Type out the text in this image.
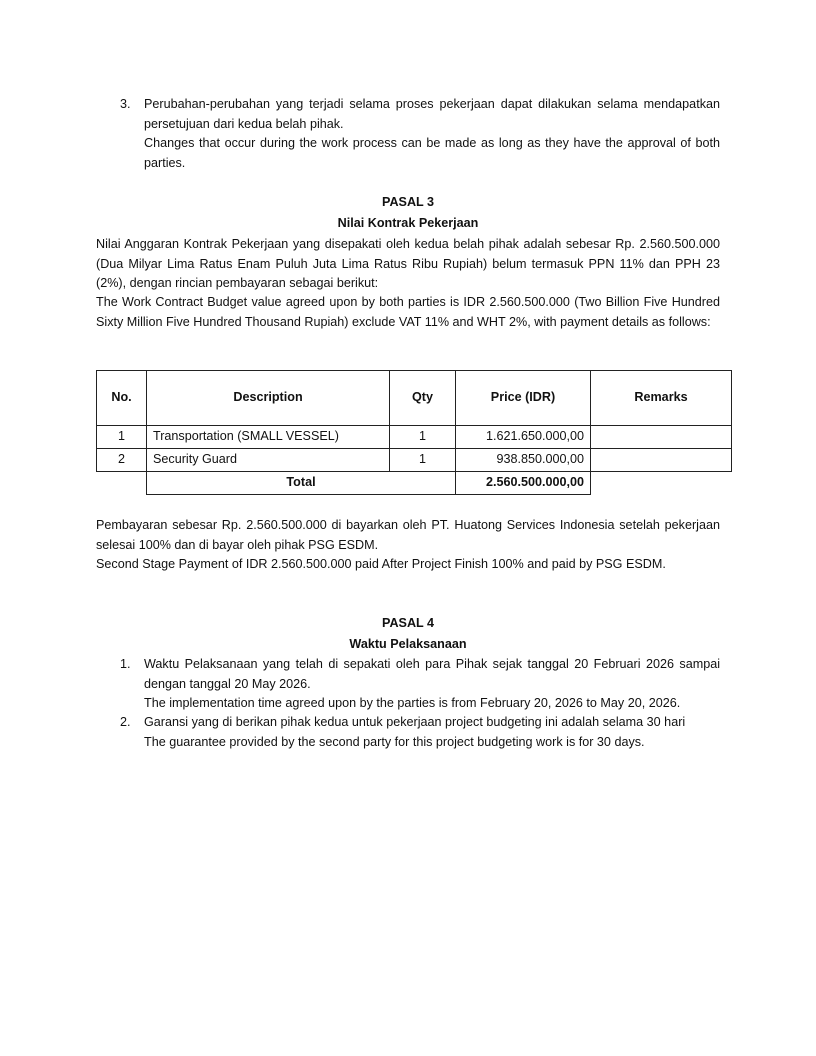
3. Perubahan-perubahan yang terjadi selama proses pekerjaan dapat dilakukan selama mendapatkan persetujuan dari kedua belah pihak.
Changes that occur during the work process can be made as long as they have the approval of both parties.
PASAL 3
Nilai Kontrak Pekerjaan
Nilai Anggaran Kontrak Pekerjaan yang disepakati oleh kedua belah pihak adalah sebesar Rp. 2.560.500.000 (Dua Milyar Lima Ratus Enam Puluh Juta Lima Ratus Ribu Rupiah) belum termasuk PPN 11% dan PPH 23 (2%), dengan rincian pembayaran sebagai berikut:
The Work Contract Budget value agreed upon by both parties is IDR 2.560.500.000 (Two Billion Five Hundred Sixty Million Five Hundred Thousand Rupiah) exclude VAT 11% and WHT 2%, with payment details as follows:
No.	Description	Qty	Price (IDR)	Remarks
1	Transportation (SMALL VESSEL)	1	1.621.650.000,00	
2	Security Guard	1	938.850.000,00	
	Total		2.560.500.000,00	
Pembayaran sebesar Rp. 2.560.500.000 di bayarkan oleh PT. Huatong Services Indonesia setelah pekerjaan selesai 100% dan di bayar oleh pihak PSG ESDM.
Second Stage Payment of IDR 2.560.500.000 paid After Project Finish 100% and paid by PSG ESDM.
PASAL 4
Waktu Pelaksanaan
1. Waktu Pelaksanaan yang telah di sepakati oleh para Pihak sejak tanggal 20 Februari 2026 sampai dengan tanggal 20 May 2026.
The implementation time agreed upon by the parties is from February 20, 2026 to May 20, 2026.
2. Garansi yang di berikan pihak kedua untuk pekerjaan project budgeting ini adalah selama 30 hari
The guarantee provided by the second party for this project budgeting work is for 30 days.
